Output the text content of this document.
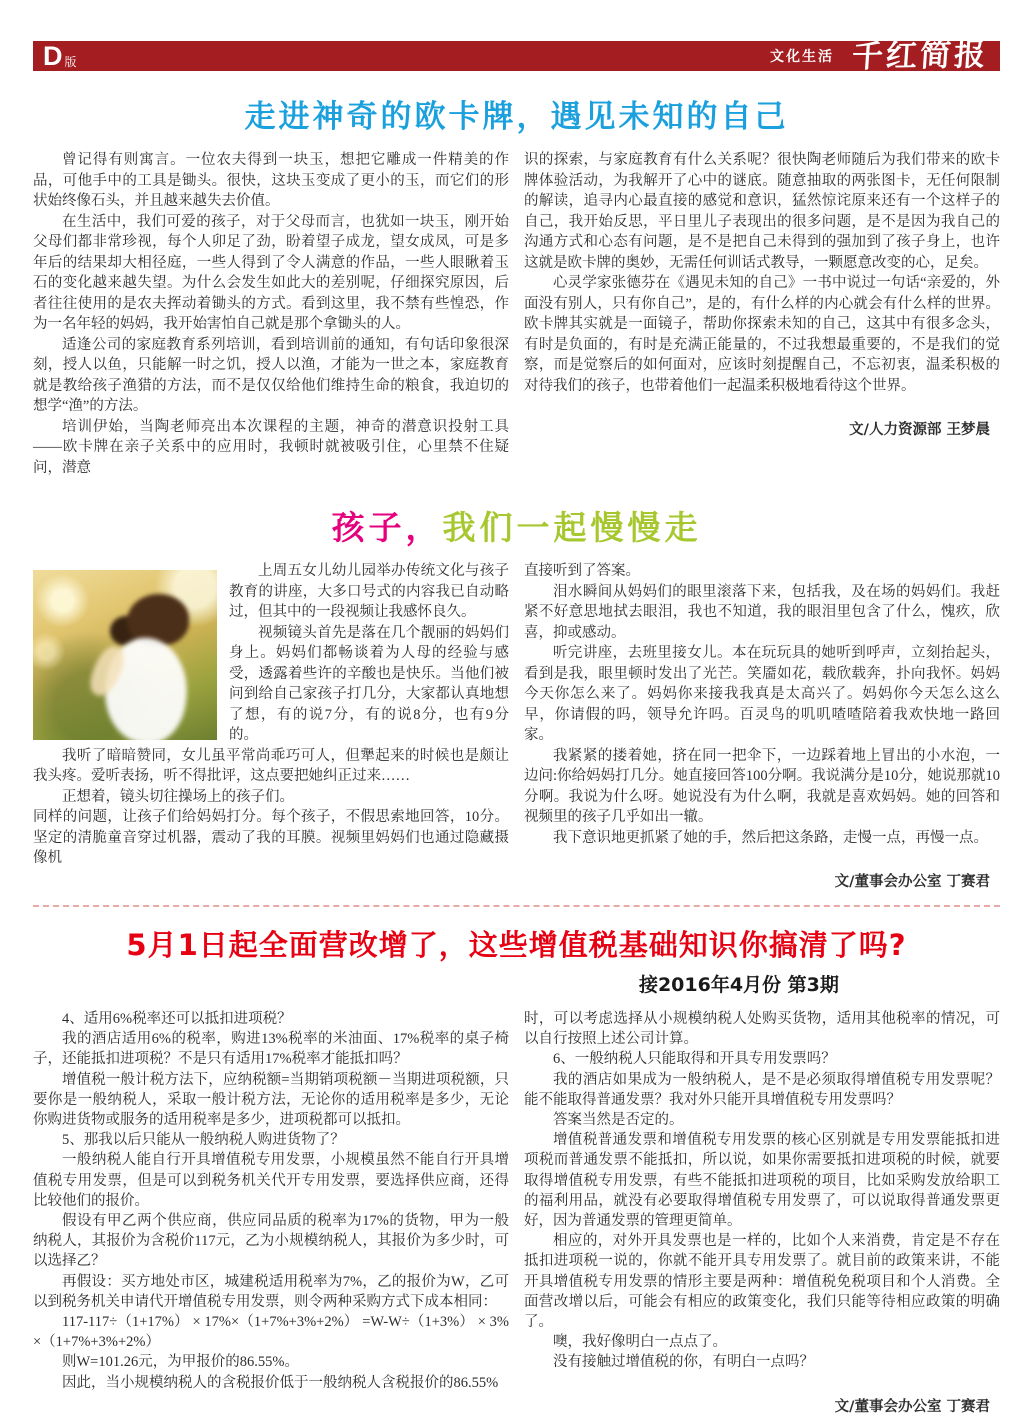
D 版	文化生活 千红简报
走进神奇的欧卡牌，遇见未知的自己

曾记得有则寓言。一位农夫得到一块玉，想把它雕成一件精美的作品，可他手中的工具是锄头。很快，这块玉变成了更小的玉，而它们的形状始终像石头，并且越来越失去价值。

在生活中，我们可爱的孩子，对于父母而言，也犹如一块玉，刚开始父母们都非常珍视，每个人卯足了劲，盼着望子成龙，望女成凤，可是多年后的结果却大相径庭，一些人得到了令人满意的作品，一些人眼瞅着玉石的变化越来越失望。为什么会发生如此大的差别呢，仔细探究原因，后者往往使用的是农夫挥动着锄头的方式。看到这里，我不禁有些惶恐，作为一名年轻的妈妈，我开始害怕自己就是那个拿锄头的人。

适逢公司的家庭教育系列培训，看到培训前的通知，有句话印象很深刻，授人以鱼，只能解一时之饥，授人以渔，才能为一世之本，家庭教育就是教给孩子渔猎的方法，而不是仅仅给他们维持生命的粮食，我迫切的想学“渔”的方法。

培训伊始，当陶老师亮出本次课程的主题，神奇的潜意识投射工具——欧卡牌在亲子关系中的应用时，我顿时就被吸引住，心里禁不住疑问，潜意

识的探索，与家庭教育有什么关系呢？很快陶老师随后为我们带来的欧卡牌体验活动，为我解开了心中的谜底。随意抽取的两张图卡，无任何限制的解读，追寻内心最直接的感觉和意识，猛然惊诧原来还有一个这样子的自己，我开始反思，平日里儿子表现出的很多问题，是不是因为我自己的沟通方式和心态有问题，是不是把自己未得到的强加到了孩子身上，也许这就是欧卡牌的奥妙，无需任何训话式教导，一颗愿意改变的心，足矣。

心灵学家张德芬在《遇见未知的自己》一书中说过一句话“亲爱的，外面没有别人，只有你自己”，是的，有什么样的内心就会有什么样的世界。欧卡牌其实就是一面镜子，帮助你探索未知的自己，这其中有很多念头，有时是负面的，有时是充满正能量的，不过我想最重要的，不是我们的觉察，而是觉察后的如何面对，应该时刻提醒自己，不忘初衷，温柔积极的对待我们的孩子，也带着他们一起温柔积极地看待这个世界。

文/人力资源部 王梦晨
孩子，我们一起慢慢走

上周五女儿幼儿园举办传统文化与孩子教育的讲座，大多口号式的内容我已自动略过，但其中的一段视频让我感怀良久。

视频镜头首先是落在几个靓丽的妈妈们身上。妈妈们都畅谈着为人母的经验与感受，透露着些许的辛酸也是快乐。当他们被问到给自己家孩子打几分，大家都认真地想了想，有的说7分，有的说8分，也有9分的。

我听了暗暗赞同，女儿虽平常尚乖巧可人，但犟起来的时候也是颇让我头疼。爱听表扬，听不得批评，这点要把她纠正过来……

正想着，镜头切往操场上的孩子们。

同样的问题，让孩子们给妈妈打分。每个孩子，不假思索地回答，10分。坚定的清脆童音穿过机器，震动了我的耳膜。视频里妈妈们也通过隐藏摄像机

直接听到了答案。

泪水瞬间从妈妈们的眼里滚落下来，包括我，及在场的妈妈们。我赶紧不好意思地拭去眼泪，我也不知道，我的眼泪里包含了什么，愧疚，欣喜，抑或感动。

听完讲座，去班里接女儿。本在玩玩具的她听到呼声，立刻抬起头，看到是我，眼里顿时发出了光芒。笑靥如花，载欣载奔，扑向我怀。妈妈今天你怎么来了。妈妈你来接我我真是太高兴了。妈妈你今天怎么这么早，你请假的吗，领导允许吗。百灵鸟的叽叽喳喳陪着我欢快地一路回家。

我紧紧的搂着她，挤在同一把伞下，一边踩着地上冒出的小水泡，一边问:你给妈妈打几分。她直接回答100分啊。我说满分是10分，她说那就10分啊。我说为什么呀。她说没有为什么啊，我就是喜欢妈妈。她的回答和视频里的孩子几乎如出一辙。

我下意识地更抓紧了她的手，然后把这条路，走慢一点，再慢一点。

文/董事会办公室 丁赛君
5月1日起全面营改增了，这些增值税基础知识你搞清了吗?
接2016年4月份 第3期

4、适用6%税率还可以抵扣进项税？

我的酒店适用6%的税率，购进13%税率的米油面、17%税率的桌子椅子，还能抵扣进项税？不是只有适用17%税率才能抵扣吗？

增值税一般计税方法下，应纳税额=当期销项税额－当期进项税额，只要你是一般纳税人，采取一般计税方法，无论你的适用税率是多少，无论你购进货物或服务的适用税率是多少，进项税都可以抵扣。

5、那我以后只能从一般纳税人购进货物了？

一般纳税人能自行开具增值税专用发票，小规模虽然不能自行开具增值税专用发票，但是可以到税务机关代开专用发票，要选择供应商，还得比较他们的报价。

假设有甲乙两个供应商，供应同品质的税率为17%的货物，甲为一般纳税人，其报价为含税价117元，乙为小规模纳税人，其报价为多少时，可以选择乙？

再假设：买方地处市区，城建税适用税率为7%，乙的报价为W，乙可以到税务机关申请代开增值税专用发票，则令两种采购方式下成本相同：

117-117÷（1+17%） × 17%×（1+7%+3%+2%） =W-W÷（1+3%） × 3%×（1+7%+3%+2%）

则W=101.26元，为甲报价的86.55%。

因此，当小规模纳税人的含税报价低于一般纳税人含税报价的86.55%

时，可以考虑选择从小规模纳税人处购买货物，适用其他税率的情况，可以自行按照上述公司计算。

6、一般纳税人只能取得和开具专用发票吗？

我的酒店如果成为一般纳税人，是不是必须取得增值税专用发票呢？能不能取得普通发票？我对外只能开具增值税专用发票吗？

答案当然是否定的。

增值税普通发票和增值税专用发票的核心区别就是专用发票能抵扣进项税而普通发票不能抵扣，所以说，如果你需要抵扣进项税的时候，就要取得增值税专用发票，有些不能抵扣进项税的项目，比如采购发放给职工的福利用品，就没有必要取得增值税专用发票了，可以说取得普通发票更好，因为普通发票的管理更简单。

相应的，对外开具发票也是一样的，比如个人来消费，肯定是不存在抵扣进项税一说的，你就不能开具专用发票了。就目前的政策来讲，不能开具增值税专用发票的情形主要是两种：增值税免税项目和个人消费。全面营改增以后，可能会有相应的政策变化，我们只能等待相应政策的明确了。

噢，我好像明白一点点了。

没有接触过增值税的你，有明白一点吗？

文/董事会办公室 丁赛君
